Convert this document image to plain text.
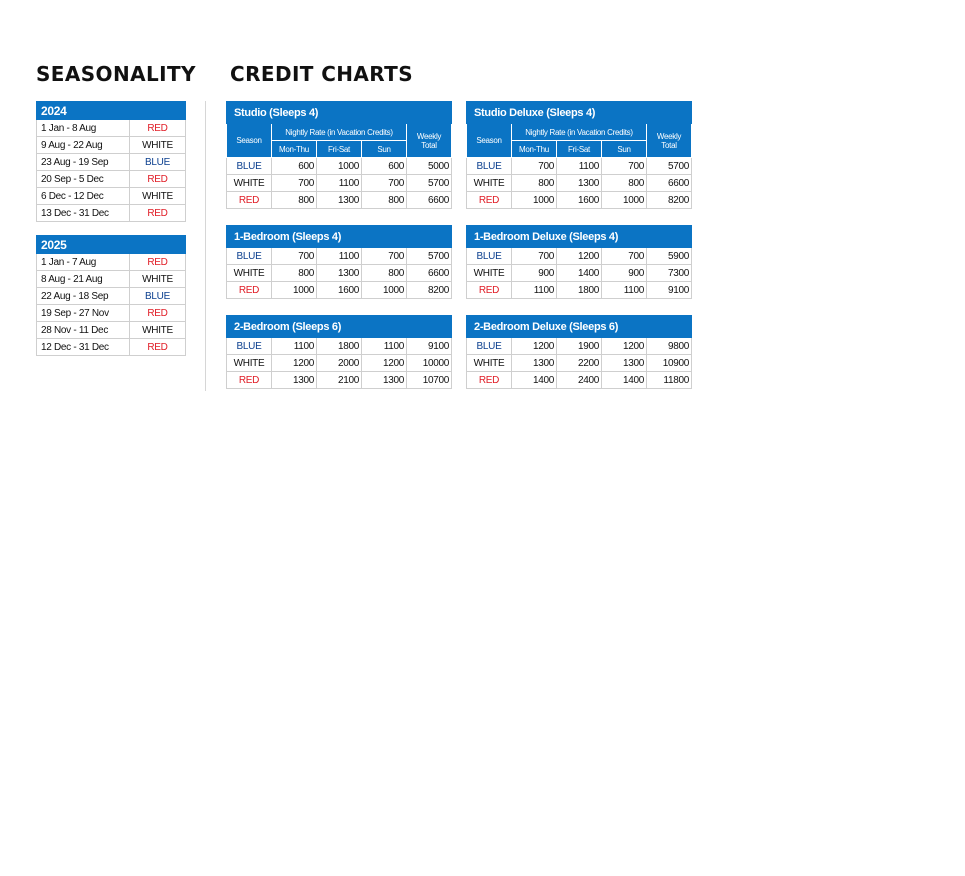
SEASONALITY CREDIT CHARTS
2024	
1 Jan - 8 Aug	RED
9 Aug - 22 Aug	WHITE
23 Aug - 19 Sep	BLUE
20 Sep - 5 Dec	RED
6 Dec - 12 Dec	WHITE
13 Dec - 31 Dec	RED
2025	
1 Jan - 7 Aug	RED
8 Aug - 21 Aug	WHITE
22 Aug - 18 Sep	BLUE
19 Sep - 27 Nov	RED
28 Nov - 11 Dec	WHITE
12 Dec - 31 Dec	RED
Studio (Sleeps 4)				
Season	Nightly Rate (in Vacation Credits)			Weekly Total
	Mon-Thu	Fri-Sat	Sun	
BLUE	600	1000	600	5000
WHITE	700	1100	700	5700
RED	800	1300	800	6600
Studio Deluxe (Sleeps 4)				
Season	Nightly Rate (in Vacation Credits)			Weekly Total
	Mon-Thu	Fri-Sat	Sun	
BLUE	700	1100	700	5700
WHITE	800	1300	800	6600
RED	1000	1600	1000	8200
1-Bedroom (Sleeps 4)				
BLUE	700	1100	700	5700
WHITE	800	1300	800	6600
RED	1000	1600	1000	8200
1-Bedroom Deluxe (Sleeps 4)				
BLUE	700	1200	700	5900
WHITE	900	1400	900	7300
RED	1100	1800	1100	9100
2-Bedroom (Sleeps 6)				
BLUE	1100	1800	1100	9100
WHITE	1200	2000	1200	10000
RED	1300	2100	1300	10700
2-Bedroom Deluxe (Sleeps 6)				
BLUE	1200	1900	1200	9800
WHITE	1300	2200	1300	10900
RED	1400	2400	1400	11800
